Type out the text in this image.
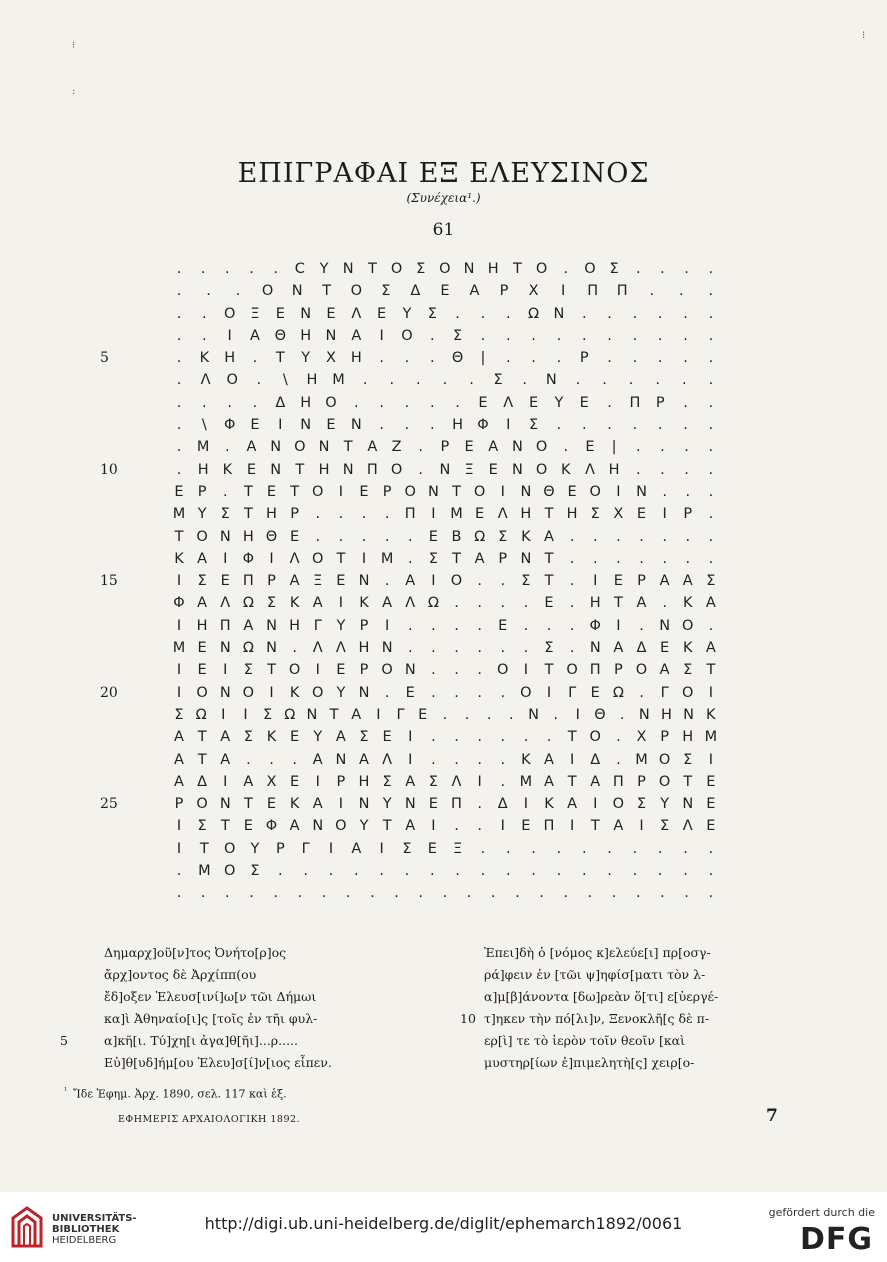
⁝
:
⁝
ΕΠΙΓΡΑΦΑΙ ΕΞ ΕΛΕΥΣΙΝΟΣ
(Συνέχεια¹.)
61
.	.	.	.	.	Ϲ Υ Ν Τ Ο Σ Ο Ν Η Τ Ο	.	Ο Σ	.	.	.	.
.	.	.	Ο Ν Τ Ο Σ Δ Ε Α Ρ Χ	Ι	Π Π	.	.	.
.	.	Ο Ξ Ε Ν Ε Λ Ε Υ Σ	.	.	.	Ω Ν	.	.	.	.	.	.
.	.	Ι	Α Θ Η Ν Α	Ι	Ο	.	Σ	.	.	.	.	.	.	.	.	.	.
5	.	Κ Η	.	Τ Υ Χ Η	.	.	.	Θ	|	.	.	.	Ρ	.	.	.	.	.
.	Λ Ο	.	\	Η Μ	.	.	.	.	.	Σ	.	Ν	.	.	.	.	.	.
.	.	.	.	Δ Η Ο	.	.	.	.	.	Ε Λ Ε Υ Ε	.	Π Ρ	.	.
.	\	Φ Ε	Ι	Ν Ε Ν	.	.	.	Η Φ	Ι	Σ	.	.	.	.	.	.	.
.	Μ	.	Α Ν Ο Ν Τ Α Ζ	.	Ρ Ε Α Ν Ο	.	Ε	|	.	.	.	.
10	.	Η Κ Ε Ν Τ Η Ν Π Ο	.	Ν Ξ Ε Ν Ο Κ Λ Η	.	.	.	.
Ε Ρ	.	Τ Ε Τ Ο	Ι	Ε Ρ Ο Ν Τ Ο	Ι	Ν Θ Ε Ο	Ι	Ν	.	.	.
Μ Υ Σ Τ Η Ρ	.	.	.	.	Π	Ι	Μ Ε Λ Η Τ Η Σ Χ Ε	Ι	Ρ	.
Τ Ο Ν Η Θ Ε	.	.	.	.	.	Ε Β Ω Σ Κ Α	.	.	.	.	.	.	.
Κ Α	Ι	Φ	Ι	Λ Ο Τ	Ι	Μ	.	Σ Τ Α Ρ Ν Τ	.	.	.	.	.	.	.
15	Ι	Σ Ε Π Ρ Α Ξ Ε Ν	.	Α	Ι	Ο	.	.	Σ Τ	.	Ι	Ε Ρ Α Α Σ
Φ Α Λ Ω Σ Κ Α	Ι	Κ Α Λ Ω	.	.	.	.	Ε	.	Η Τ Α	.	Κ Α
Ι	Η Π Α Ν Η Γ Υ Ρ	Ι	.	.	.	.	Ε	.	.	.	Φ	Ι	.	Ν Ο	.
Μ Ε Ν Ω Ν	.	Λ Λ Η Ν	.	.	.	.	.	.	Σ	.	Ν Α Δ Ε Κ Α
Ι	Ε	Ι	Σ Τ Ο	Ι	Ε Ρ Ο Ν	.	.	.	Ο	Ι	Τ Ο Π Ρ Ο Α Σ Τ
20	Ι	Ο Ν Ο	Ι	Κ Ο Υ Ν	.	Ε	.	.	.	.	Ο	Ι	Γ Ε Ω	.	Γ Ο	Ι
Σ Ω Ι	Ι	Σ Ω Ν Τ Α	Ι	Γ Ε	.	.	.	. Ν .	Ι Θ . Ν Η Ν Κ
Α Τ Α Σ Κ Ε Υ Α Σ Ε	Ι	.	.	.	.	.	.	Τ Ο	.	Χ Ρ Η Μ
Α Τ Α	.	.	.	Α Ν Α Λ	Ι	.	.	.	.	Κ Α	Ι	Δ	.	Μ Ο Σ	Ι
Α Δ	Ι	Α Χ Ε	Ι	Ρ Η Σ Α Σ Λ	Ι	.	Μ Α Τ Α Π Ρ Ο Τ Ε
25	Ρ Ο Ν Τ Ε Κ Α	Ι	Ν Υ Ν Ε Π	.	Δ	Ι	Κ Α	Ι	Ο Σ Υ Ν Ε
Ι	Σ Τ Ε Φ Α Ν Ο Υ Τ Α	Ι	.	.	Ι	Ε Π	Ι	Τ Α	Ι	Σ Λ Ε
Ι	Τ Ο Υ Ρ Γ	Ι	Α	Ι	Σ Ε Ξ	.	.	.	.	.	.	.	.	.	.
.	Μ Ο Σ	.	.	.	.	.	.	.	.	.	.	.	.	.	.	.	.	.	.
.	.	.	.	.	.	.	.	.	.	.	.	.	.	.	.	.	.	.	.	.	.	.
Δημαρχ]οῦ[ν]τος Ὀνήτο[ρ]ος
ἄρχ]οντος δὲ Ἀρχίππ(ου
ἔδ]οξεν Ἐλευσ[ινί]ω[ν τῶι Δήμωι
κα]ὶ Ἀθηναίο[ι]ς [τοῖς ἐν τῆι φυλ-
5	α]κῆ[ι. Τύ]χη[ι ἀγα]θ[ῆι]...ρ.....
Εὐ]θ[υδ]ήμ[ου Ἐλευ]σ[ί]ν[ιος εἶπεν.
Ἐπει]δὴ ὁ [νόμος κ]ελεύε[ι] πρ[οσγ-
ρά]φειν ἐν [τῶι ψ]ηφίσ[ματι τὸν λ-
α]μ[β]άνοντα [δω]ρεὰν ὅ[τι] ε[ὐεργέ-
10 τ]ηκεν τὴν πό[λι]ν, Ξενοκλῆ[ς δὲ π-
ερ[ὶ] τε τὸ ἱερὸν τοῖν θεοῖν [καὶ
μυστηρ[ίων ἐ]πιμελητὴ[ς] χειρ[ο-
$^{^1}$ Ἴδε Ἐφημ. Ἀρχ. 1890, σελ. 117 καὶ ἑξ.
ΕΦΗΜΕΡΙΣ ΑΡΧΑΙΟΛΟΓΙΚΗ 1892.	7
UNIVERSITÄTS-
BIBLIOTHEK
HEIDELBERG
http://digi.ub.uni-heidelberg.de/diglit/ephemarch1892/0061
gefördert durch die
DFG
